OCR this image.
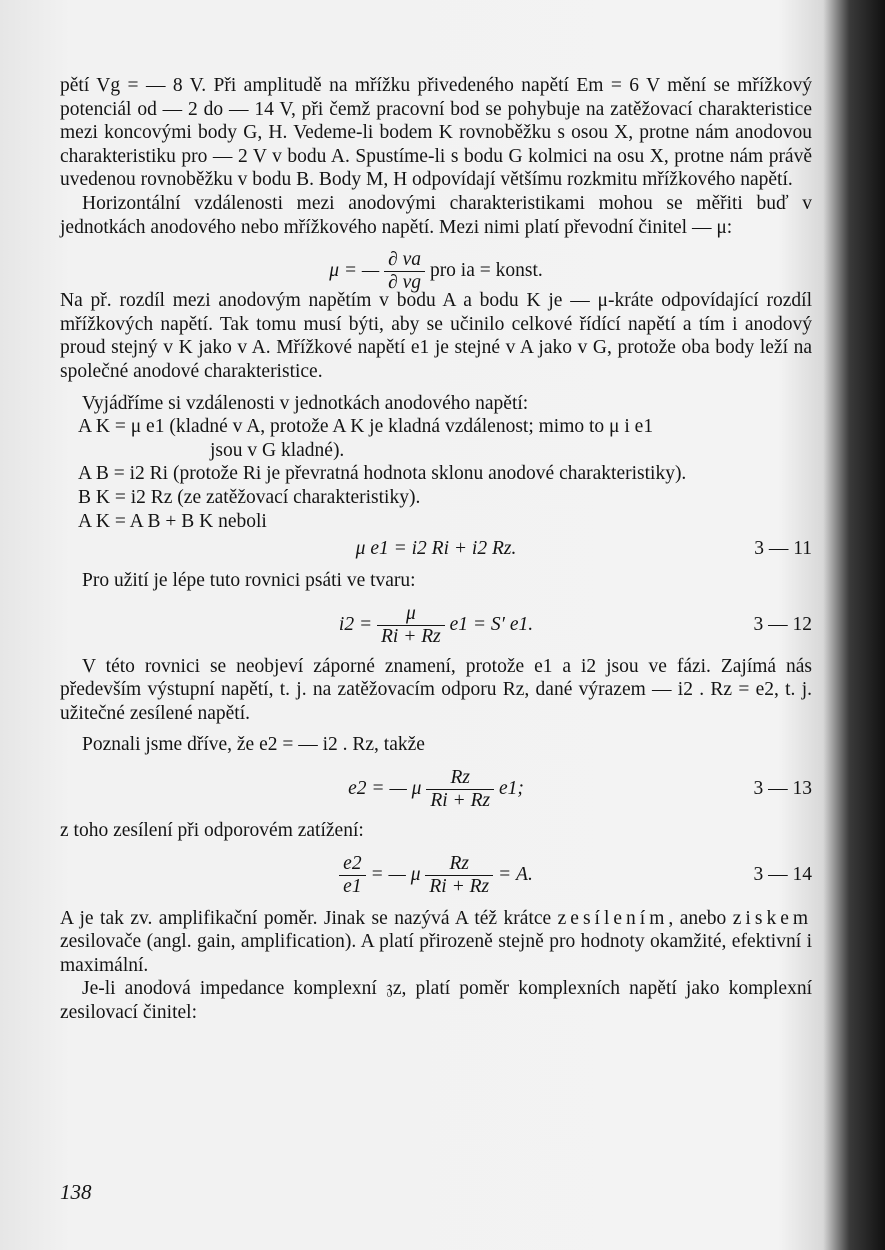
pětí Vg = — 8 V. Při amplitudě na mřížku přivedeného napětí Em = 6 V mění se mřížkový potenciál od — 2 do — 14 V, při čemž pracovní bod se pohybuje na zatěžovací charakteristice mezi koncovými body G, H. Vedeme-li bodem K rovnoběžku s osou X, protne nám anodovou charakteristiku pro — 2 V v bodu A. Spustíme-li s bodu G kolmici na osu X, protne nám právě uvedenou rovnoběžku v bodu B. Body M, H odpovídají většímu rozkmitu mřížkového napětí.

Horizontální vzdálenosti mezi anodovými charakteristikami mohou se měřiti buď v jednotkách anodového nebo mřížkového napětí. Mezi nimi platí převodní činitel — μ:

μ = — $\frac{\partial va}{\partial vg}$ pro ia = konst.

Na př. rozdíl mezi anodovým napětím v bodu A a bodu K je — μ-kráte odpovídající rozdíl mřížkových napětí. Tak tomu musí býti, aby se učinilo celkové řídící napětí a tím i anodový proud stejný v K jako v A. Mřížkové napětí e1 je stejné v A jako v G, protože oba body leží na společné anodové charakteristice.

Vyjádříme si vzdálenosti v jednotkách anodového napětí:

A K = μ e1 (kladné v A, protože A K je kladná vzdálenost; mimo to μ i e1
jsou v G kladné).
A B = i2 Ri (protože Ri je převratná hodnota sklonu anodové charakteristiky).
B K = i2 Rz (ze zatěžovací charakteristiky).
A K = A B + B K neboli
μ e1 = i2 Ri + i2 Rz.	3 — 11

Pro užití je lépe tuto rovnici psáti ve tvaru:

$i2 = \frac{\mu}{Ri + Rz} e1 = S'$ e1.	3 — 12

V této rovnici se neobjeví záporné znamení, protože e1 a i2 jsou ve fázi. Zajímá nás především výstupní napětí, t. j. na zatěžovacím odporu Rz, dané výrazem — i2 . Rz = e2, t. j. užitečné zesílené napětí.

Poznali jsme dříve, že e2 = — i2 . Rz, takže

e2 = — μ $\frac{Rz}{Ri + Rz} e1$;	3 — 13

z toho zesílení při odporovém zatížení:

$\frac{e2}{e1}$ = — μ $\frac{Rz}{Ri + Rz} = A$.	3 — 14

A je tak zv. amplifikační poměr. Jinak se nazývá A též krátce zesílením, anebo ziskem zesilovače (angl. gain, amplification). A platí přirozeně stejně pro hodnoty okamžité, efektivní i maximální.

Je-li anodová impedance komplexní 𝔷z, platí poměr komplexních napětí jako komplexní zesilovací činitel:

138
